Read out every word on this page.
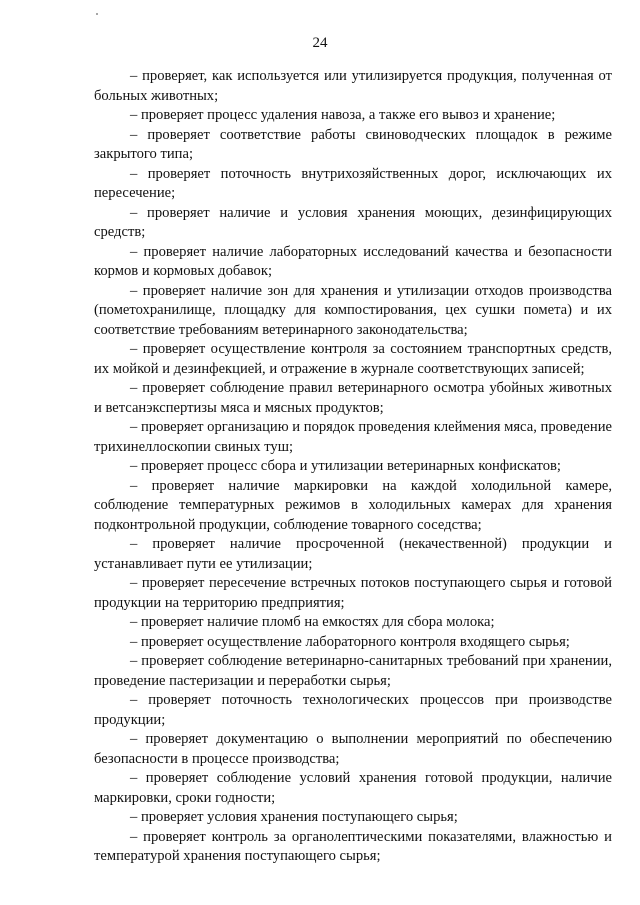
24

– проверяет, как используется или утилизируется продукция, полученная от больных животных;

– проверяет процесс удаления навоза, а также его вывоз и хранение;

– проверяет соответствие работы свиноводческих площадок в режиме закрытого типа;

– проверяет поточность внутрихозяйственных дорог, исключающих их пересечение;

– проверяет наличие и условия хранения моющих, дезинфицирующих средств;

– проверяет наличие лабораторных исследований качества и безопасности кормов и кормовых добавок;

– проверяет наличие зон для хранения и утилизации отходов производства (пометохранилище, площадку для компостирования, цех сушки помета) и их соответствие требованиям ветеринарного законодательства;

– проверяет осуществление контроля за состоянием транспортных средств, их мойкой и дезинфекцией, и отражение в журнале соответствующих записей;

– проверяет соблюдение правил ветеринарного осмотра убойных животных и ветсанэкспертизы мяса и мясных продуктов;

– проверяет организацию и порядок проведения клеймения мяса, проведение трихинеллоскопии свиных туш;

– проверяет процесс сбора и утилизации ветеринарных конфискатов;

– проверяет наличие маркировки на каждой холодильной камере, соблюдение температурных режимов в холодильных камерах для хранения подконтрольной продукции, соблюдение товарного соседства;

– проверяет наличие просроченной (некачественной) продукции и устанавливает пути ее утилизации;

– проверяет пересечение встречных потоков поступающего сырья и готовой продукции на территорию предприятия;

– проверяет наличие пломб на емкостях для сбора молока;

– проверяет осуществление лабораторного контроля входящего сырья;

– проверяет соблюдение ветеринарно-санитарных требований при хранении, проведение пастеризации и переработки сырья;

– проверяет поточность технологических процессов при производстве продукции;

– проверяет документацию о выполнении мероприятий по обеспечению безопасности в процессе производства;

– проверяет соблюдение условий хранения готовой продукции, наличие маркировки, сроки годности;

– проверяет условия хранения поступающего сырья;

– проверяет контроль за органолептическими показателями, влажностью и температурой хранения поступающего сырья;
